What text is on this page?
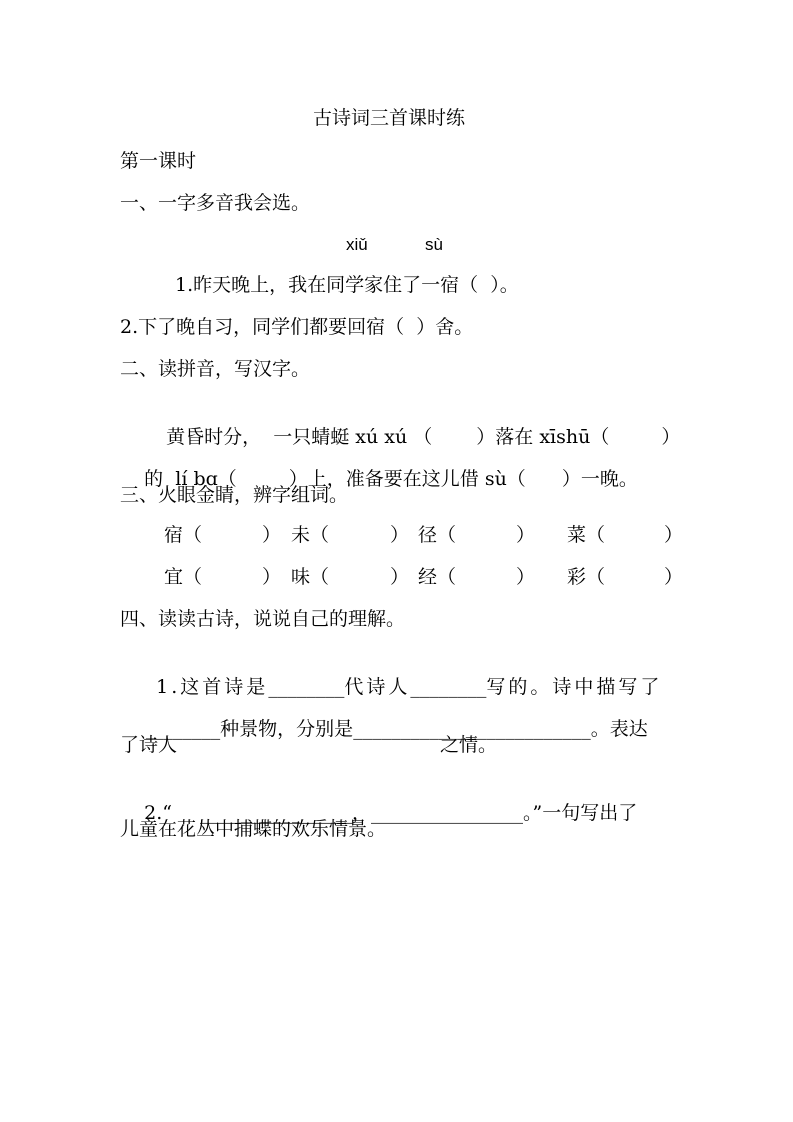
古诗词三首课时练
第一课时
一、一字多音我会选。
xiǔ	sù
1.昨天晚上，我在同学家住了一宿（  ）。
2.下了晚自习，同学们都要回宿（  ）舍。
二、读拼音，写汉字。

黄昏时分，  一只蜻蜓 xú xú （ ）落在 xīshū（	）

的  lí bɑ（	）上，准备要在这儿借 sù（ ）一晚。

三、火眼金睛，辨字组词。
宿（	） 未（	） 径（	） 菜（	）
宜（	） 味（	） 经（	） 彩（	）
四、读读古诗，说说自己的理解。

1.这首诗是________代诗人________写的。诗中描写了

________种景物，分别是_________________________。表达

了诗人	之情。

2.“ ________________，________________。”一句写出了

儿童在花丛中捕蝶的欢乐情景。
